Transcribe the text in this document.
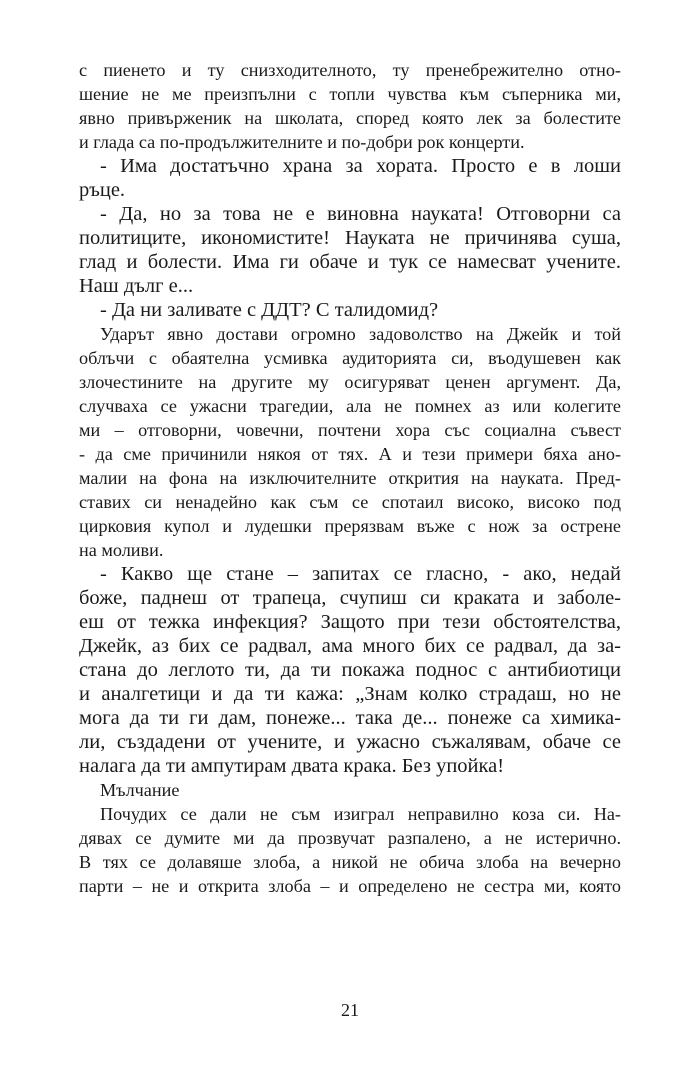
с пиенето и ту снизходителното, ту пренебрежително отно-
шение не ме преизпълни с топли чувства към съперника ми,
явно привърженик на школата, според която лек за болестите
и глада са по-продължителните и по-добри рок концерти.
- Има достатъчно храна за хората. Просто е в лоши
ръце.
- Да, но за това не е виновна науката! Отговорни са
политиците, икономистите! Науката не причинява суша,
глад и болести. Има ги обаче и тук се намесват учените.
Наш дълг е...
- Да ни заливате с ДДТ? С талидомид?
Ударът явно достави огромно задоволство на Джейк и той
облъчи с обаятелна усмивка аудиторията си, въодушевен как
злочестините на другите му осигуряват ценен аргумент. Да,
случваха се ужасни трагедии, ала не помнех аз или колегите
ми – отговорни, човечни, почтени хора със социална съвест
- да сме причинили някоя от тях. А и тези примери бяха ано-
малии на фона на изключителните открития на науката. Пред-
ставих си ненадейно как съм се спотаил високо, високо под
цирковия купол и лудешки прерязвам въже с нож за острене
на моливи.
- Какво ще стане – запитах се гласно, - ако, недай
боже, паднеш от трапеца, счупиш си краката и заболе-
еш от тежка инфекция? Защото при тези обстоятелства,
Джейк, аз бих се радвал, ама много бих се радвал, да за-
стана до леглото ти, да ти покажа поднос с антибиотици
и аналгетици и да ти кажа: „Знам колко страдаш, но не
мога да ти ги дам, понеже... така де... понеже са химика-
ли, създадени от учените, и ужасно съжалявам, обаче се
налага да ти ампутирам двата крака. Без упойка!
Мълчание
Почудих се дали не съм изиграл неправилно коза си. На-
дявах се думите ми да прозвучат разпалено, а не истерично.
В тях се долавяше злоба, а никой не обича злоба на вечерно
парти – не и открита злоба – и определено не сестра ми, която
21
